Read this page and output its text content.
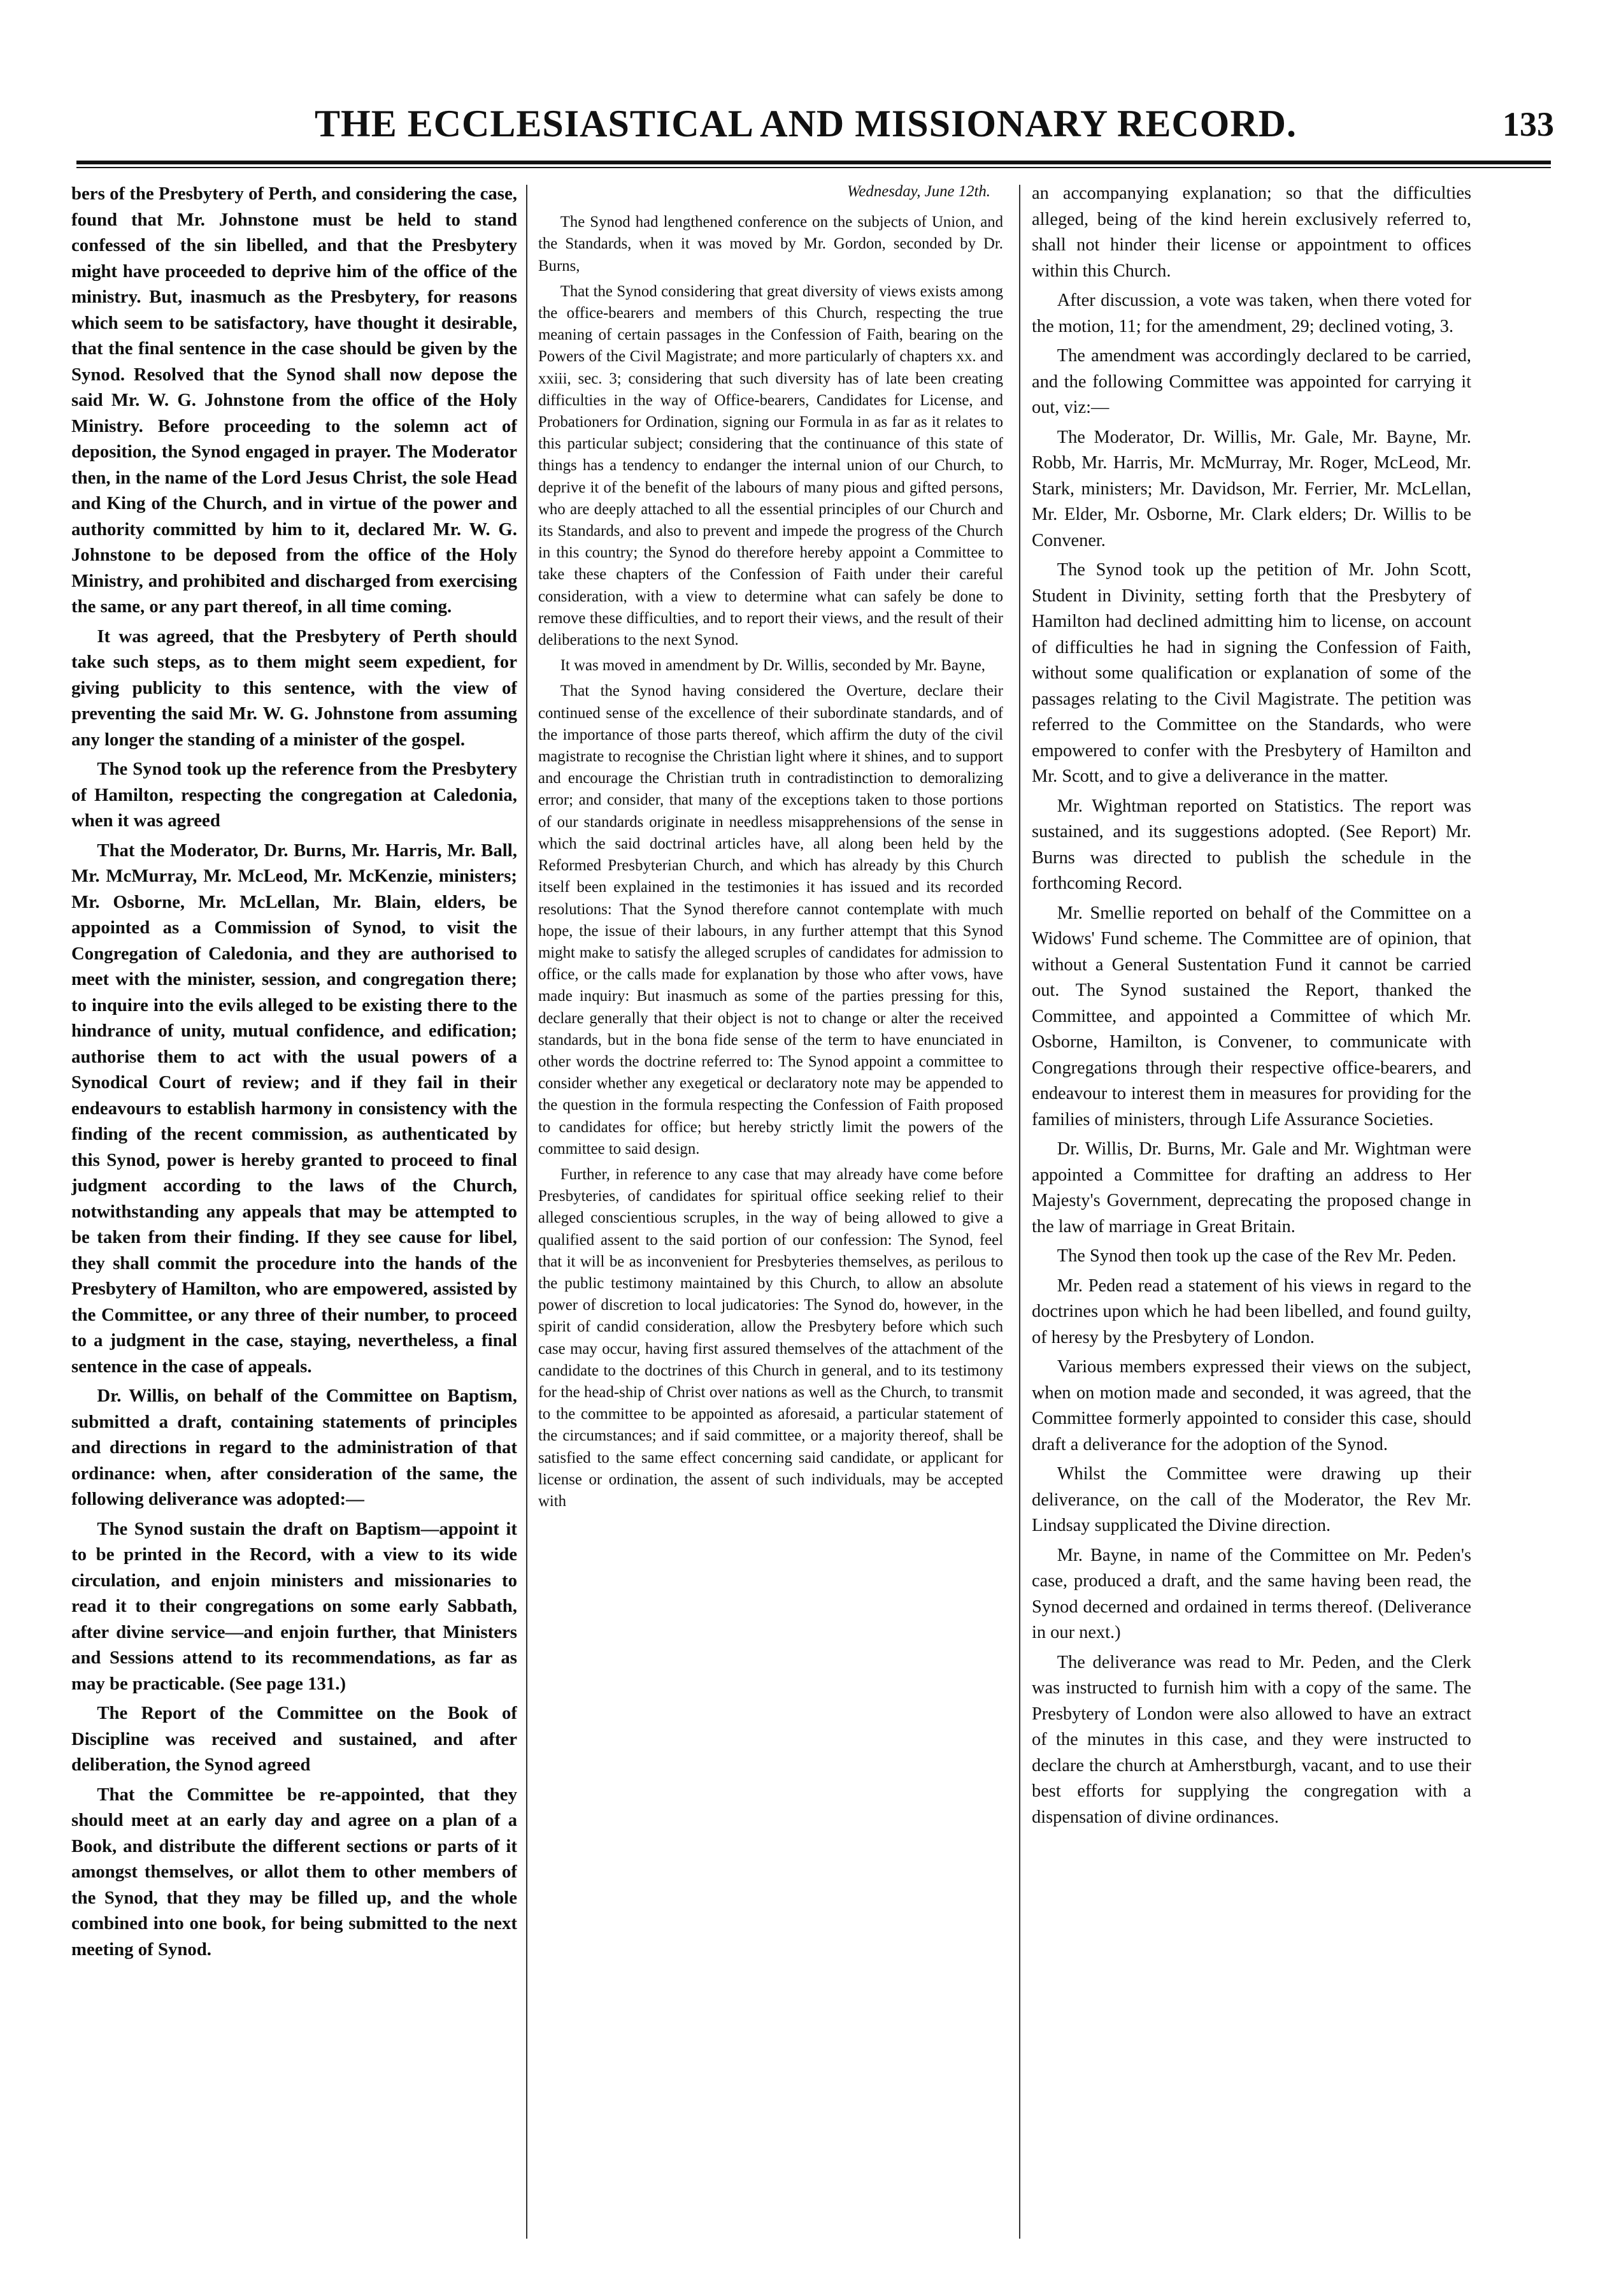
THE ECCLESIASTICAL AND MISSIONARY RECORD.	133

bers of the Presbytery of Perth, and considering the case, found that Mr. Johnstone must be held to stand confessed of the sin libelled, and that the Presbytery might have proceeded to deprive him of the office of the ministry. But, inasmuch as the Presbytery, for reasons which seem to be satisfactory, have thought it desirable, that the final sentence in the case should be given by the Synod. Resolved that the Synod shall now depose the said Mr. W. G. Johnstone from the office of the Holy Ministry. Before proceeding to the solemn act of deposition, the Synod engaged in prayer. The Moderator then, in the name of the Lord Jesus Christ, the sole Head and King of the Church, and in virtue of the power and authority committed by him to it, declared Mr. W. G. Johnstone to be deposed from the office of the Holy Ministry, and prohibited and discharged from exercising the same, or any part thereof, in all time coming.

It was agreed, that the Presbytery of Perth should take such steps, as to them might seem expedient, for giving publicity to this sentence, with the view of preventing the said Mr. W. G. Johnstone from assuming any longer the standing of a minister of the gospel.

The Synod took up the reference from the Presbytery of Hamilton, respecting the congregation at Caledonia, when it was agreed

That the Moderator, Dr. Burns, Mr. Harris, Mr. Ball, Mr. McMurray, Mr. McLeod, Mr. McKenzie, ministers; Mr. Osborne, Mr. McLellan, Mr. Blain, elders, be appointed as a Commission of Synod, to visit the Congregation of Caledonia, and they are authorised to meet with the minister, session, and congregation there; to inquire into the evils alleged to be existing there to the hindrance of unity, mutual confidence, and edification; authorise them to act with the usual powers of a Synodical Court of review; and if they fail in their endeavours to establish harmony in consistency with the finding of the recent commission, as authenticated by this Synod, power is hereby granted to proceed to final judgment according to the laws of the Church, notwithstanding any appeals that may be attempted to be taken from their finding. If they see cause for libel, they shall commit the procedure into the hands of the Presbytery of Hamilton, who are empowered, assisted by the Committee, or any three of their number, to proceed to a judgment in the case, staying, nevertheless, a final sentence in the case of appeals.

Dr. Willis, on behalf of the Committee on Baptism, submitted a draft, containing statements of principles and directions in regard to the administration of that ordinance: when, after consideration of the same, the following deliverance was adopted:—

The Synod sustain the draft on Baptism—appoint it to be printed in the Record, with a view to its wide circulation, and enjoin ministers and missionaries to read it to their congregations on some early Sabbath, after divine service—and enjoin further, that Ministers and Sessions attend to its recommendations, as far as may be practicable. (See page 131.)

The Report of the Committee on the Book of Discipline was received and sustained, and after deliberation, the Synod agreed

That the Committee be re-appointed, that they should meet at an early day and agree on a plan of a Book, and distribute the different sections or parts of it amongst themselves, or allot them to other members of the Synod, that they may be filled up, and the whole combined into one book, for being submitted to the next meeting of Synod.

Wednesday, June 12th.

The Synod had lengthened conference on the subjects of Union, and the Standards, when it was moved by Mr. Gordon, seconded by Dr. Burns,

That the Synod considering that great diversity of views exists among the office-bearers and members of this Church, respecting the true meaning of certain passages in the Confession of Faith, bearing on the Powers of the Civil Magistrate; and more particularly of chapters xx. and xxiii, sec. 3; considering that such diversity has of late been creating difficulties in the way of Office-bearers, Candidates for License, and Probationers for Ordination, signing our Formula in as far as it relates to this particular subject; considering that the continuance of this state of things has a tendency to endanger the internal union of our Church, to deprive it of the benefit of the labours of many pious and gifted persons, who are deeply attached to all the essential principles of our Church and its Standards, and also to prevent and impede the progress of the Church in this country; the Synod do therefore hereby appoint a Committee to take these chapters of the Confession of Faith under their careful consideration, with a view to determine what can safely be done to remove these difficulties, and to report their views, and the result of their deliberations to the next Synod.

It was moved in amendment by Dr. Willis, seconded by Mr. Bayne,

That the Synod having considered the Overture, declare their continued sense of the excellence of their subordinate standards, and of the importance of those parts thereof, which affirm the duty of the civil magistrate to recognise the Christian light where it shines, and to support and encourage the Christian truth in contradistinction to demoralizing error; and consider, that many of the exceptions taken to those portions of our standards originate in needless misapprehensions of the sense in which the said doctrinal articles have, all along been held by the Reformed Presbyterian Church, and which has already by this Church itself been explained in the testimonies it has issued and its recorded resolutions: That the Synod therefore cannot contemplate with much hope, the issue of their labours, in any further attempt that this Synod might make to satisfy the alleged scruples of candidates for admission to office, or the calls made for explanation by those who after vows, have made inquiry: But inasmuch as some of the parties pressing for this, declare generally that their object is not to change or alter the received standards, but in the bona fide sense of the term to have enunciated in other words the doctrine referred to: The Synod appoint a committee to consider whether any exegetical or declaratory note may be appended to the question in the formula respecting the Confession of Faith proposed to candidates for office; but hereby strictly limit the powers of the committee to said design.

Further, in reference to any case that may already have come before Presbyteries, of candidates for spiritual office seeking relief to their alleged conscientious scruples, in the way of being allowed to give a qualified assent to the said portion of our confession: The Synod, feel that it will be as inconvenient for Presbyteries themselves, as perilous to the public testimony maintained by this Church, to allow an absolute power of discretion to local judicatories: The Synod do, however, in the spirit of candid consideration, allow the Presbytery before which such case may occur, having first assured themselves of the attachment of the candidate to the doctrines of this Church in general, and to its testimony for the head-ship of Christ over nations as well as the Church, to transmit to the committee to be appointed as aforesaid, a particular statement of the circumstances; and if said committee, or a majority thereof, shall be satisfied to the same effect concerning said candidate, or applicant for license or ordination, the assent of such individuals, may be accepted with

an accompanying explanation; so that the difficulties alleged, being of the kind herein exclusively referred to, shall not hinder their license or appointment to offices within this Church.

After discussion, a vote was taken, when there voted for the motion, 11; for the amendment, 29; declined voting, 3.

The amendment was accordingly declared to be carried, and the following Committee was appointed for carrying it out, viz:—

The Moderator, Dr. Willis, Mr. Gale, Mr. Bayne, Mr. Robb, Mr. Harris, Mr. McMurray, Mr. Roger, McLeod, Mr. Stark, ministers; Mr. Davidson, Mr. Ferrier, Mr. McLellan, Mr. Elder, Mr. Osborne, Mr. Clark elders; Dr. Willis to be Convener.

The Synod took up the petition of Mr. John Scott, Student in Divinity, setting forth that the Presbytery of Hamilton had declined admitting him to license, on account of difficulties he had in signing the Confession of Faith, without some qualification or explanation of some of the passages relating to the Civil Magistrate. The petition was referred to the Committee on the Standards, who were empowered to confer with the Presbytery of Hamilton and Mr. Scott, and to give a deliverance in the matter.

Mr. Wightman reported on Statistics. The report was sustained, and its suggestions adopted. (See Report) Mr. Burns was directed to publish the schedule in the forthcoming Record.

Mr. Smellie reported on behalf of the Committee on a Widows' Fund scheme. The Committee are of opinion, that without a General Sustentation Fund it cannot be carried out. The Synod sustained the Report, thanked the Committee, and appointed a Committee of which Mr. Osborne, Hamilton, is Convener, to communicate with Congregations through their respective office-bearers, and endeavour to interest them in measures for providing for the families of ministers, through Life Assurance Societies.

Dr. Willis, Dr. Burns, Mr. Gale and Mr. Wightman were appointed a Committee for drafting an address to Her Majesty's Government, deprecating the proposed change in the law of marriage in Great Britain.

The Synod then took up the case of the Rev Mr. Peden.

Mr. Peden read a statement of his views in regard to the doctrines upon which he had been libelled, and found guilty, of heresy by the Presbytery of London.

Various members expressed their views on the subject, when on motion made and seconded, it was agreed, that the Committee formerly appointed to consider this case, should draft a deliverance for the adoption of the Synod.

Whilst the Committee were drawing up their deliverance, on the call of the Moderator, the Rev Mr. Lindsay supplicated the Divine direction.

Mr. Bayne, in name of the Committee on Mr. Peden's case, produced a draft, and the same having been read, the Synod decerned and ordained in terms thereof. (Deliverance in our next.)

The deliverance was read to Mr. Peden, and the Clerk was instructed to furnish him with a copy of the same. The Presbytery of London were also allowed to have an extract of the minutes in this case, and they were instructed to declare the church at Amherstburgh, vacant, and to use their best efforts for supplying the congregation with a dispensation of divine ordinances.
